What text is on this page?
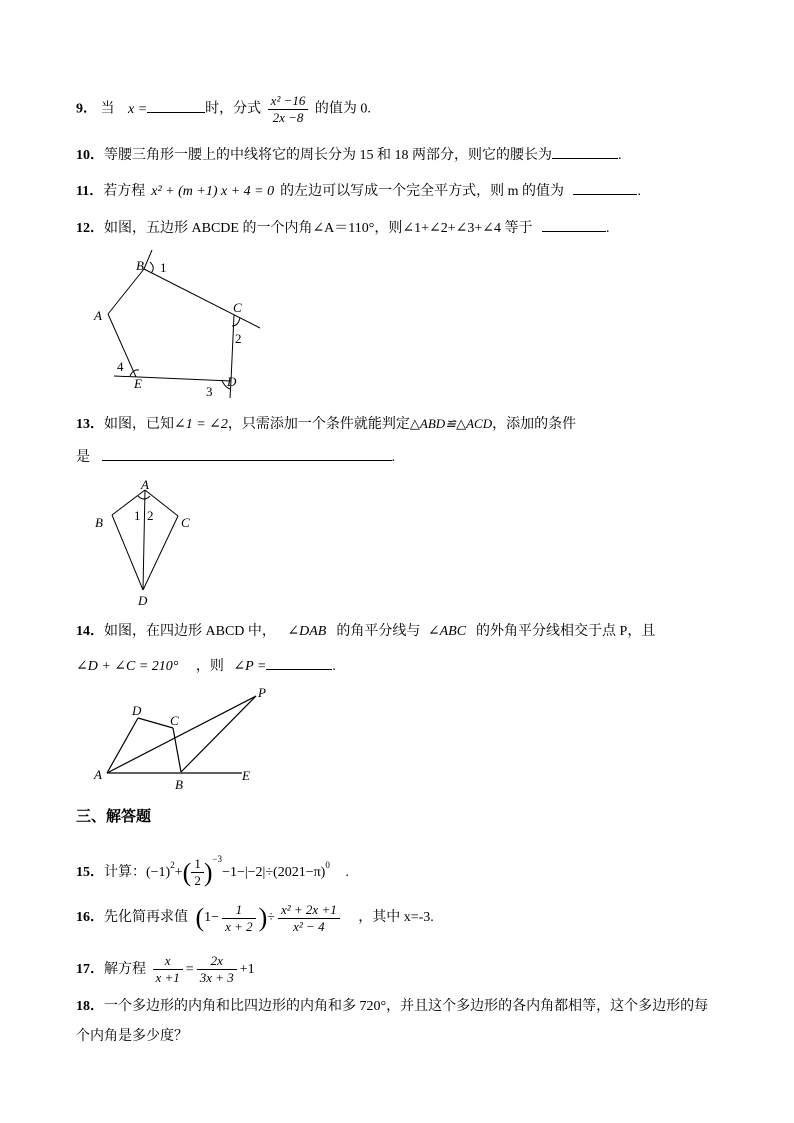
9． 当 x =	时，分式 $\frac{\text{x² −16}}{2x -8}$ 的值为 0.
10．等腰三角形一腰上的中线将它的周长分为 15 和 18 两部分，则它的腰长为	.
11．若方程 x² + (m +1) x + 4 = 0 的左边可以写成一个完全平方式，则 m 的值为	.
12．如图，五边形 ABCDE 的一个内角∠A＝110°，则∠1+∠2+∠3+∠4 等于	.
A
B
C
D
E
1
2
3
4
13．如图，已知∠1 = ∠2，只需添加一个条件就能判定△ABD≌△ACD，添加的条件
是	.
A
B	C
D
1 2
14．如图，在四边形 ABCD 中， ∠DAB 的角平分线与 ∠ABC 的外角平分线相交于点 P，且
∠D + ∠C = 210° ，则 ∠P =	.
A
B
C
D
E
P
三、解答题
15．计算：$(-1)^2+( \frac{1}{2} )^{-3}-1-|-2|\div(2021-\pi)^0$ .
16．先化简再求值 ($1- \frac{1}{x + 2}$ )÷ $\frac{\text{x² + 2x +1}}{\text{x² − 4}}$ ，其中 x=-3.
17．解方程 $\frac{x}{x +1} = \frac{2x}{3x + 3} +1$
18．一个多边形的内角和比四边形的内角和多 720°，并且这个多边形的各内角都相等，这个多边形的每
个内角是多少度？
